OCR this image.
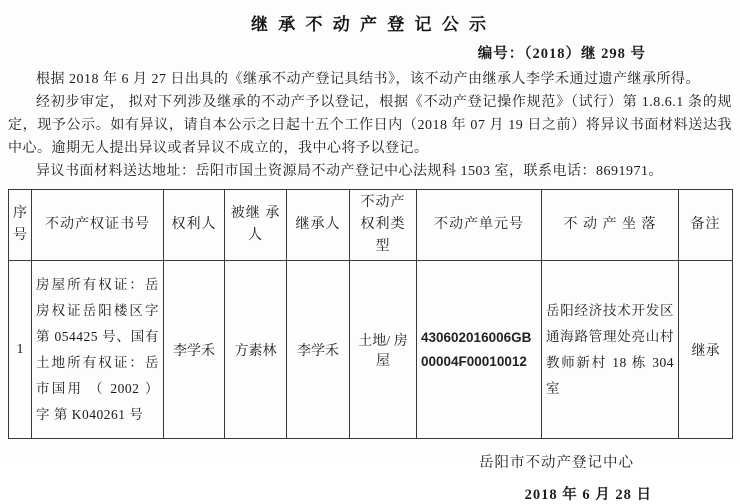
继 承 不 动 产 登 记 公 示
编号：（2018）继 298 号

根据 2018 年 6 月 27 日出具的《继承不动产登记具结书》，该不动产由继承人李学禾通过遗产继承所得。

经初步审定， 拟对下列涉及继承的不动产予以登记，根据《不动产登记操作规范》（试行）第 1.8.6.1 条的规定，现予公示。如有异议，请自本公示之日起十五个工作日内（2018 年 07 月 19 日之前）将异议书面材料送达我中心。逾期无人提出异议或者异议不成立的，我中心将予以登记。

异议书面材料送达地址：岳阳市国土资源局不动产登记中心法规科 1503 室，联系电话：8691971。

序号	不动产权证书号	权利人	被继 承人	继承人	不动产 权利类型	不动产单元号	不 动 产 坐 落	备注
1	房屋所有权证：岳房权证岳阳楼区字第 054425 号、国有土地所有权证：岳市国用 （ 2002 ） 字 第 K040261 号	李学禾	方素林	李学禾	土地/ 房屋	430602016006GB00004F00010012	岳阳经济技术开发区通海路管理处亮山村教师新村 18 栋 304 室	继承
岳阳市不动产登记中心
2018 年 6 月 28 日
